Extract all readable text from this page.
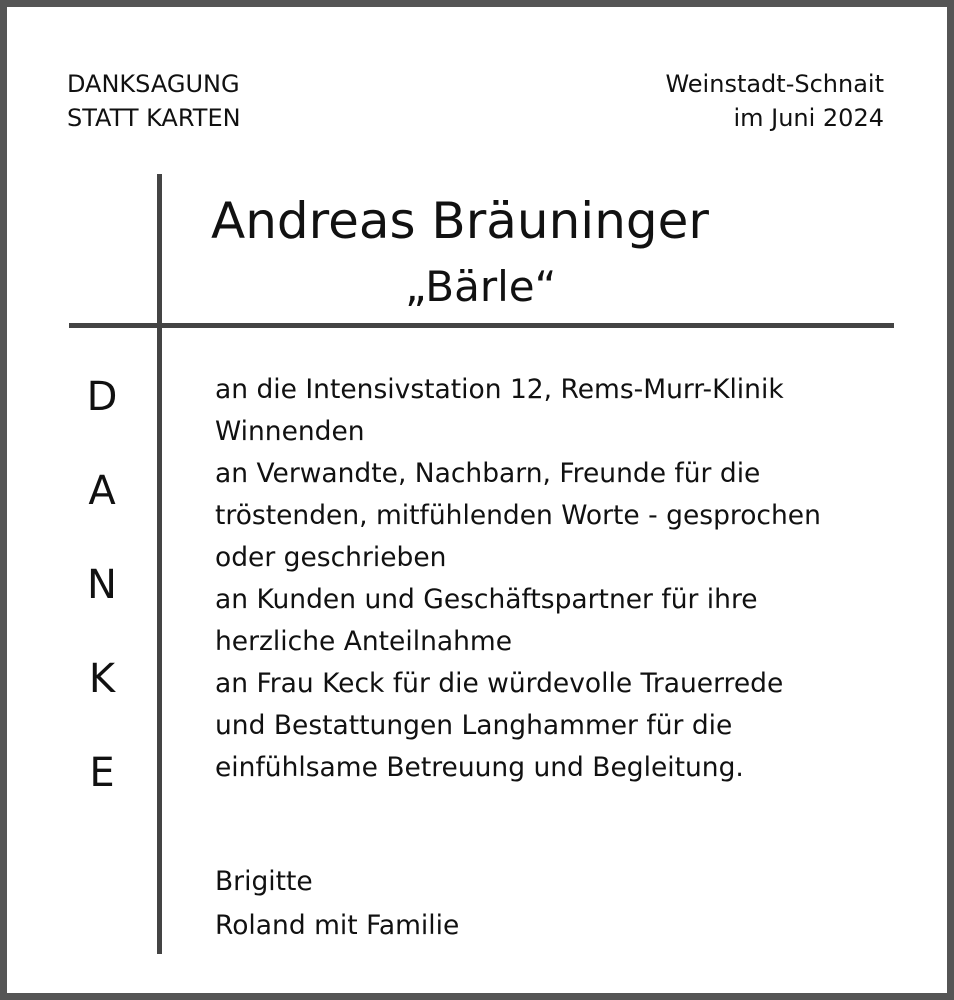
DANKSAGUNG
STATT KARTEN
Weinstadt-Schnait
im Juni 2024
Andreas Bräuninger
„Bärle“
D
A
N
K
E
an die Intensivstation 12, Rems-Murr-Klinik
Winnenden
an Verwandte, Nachbarn, Freunde für die
tröstenden, mitfühlenden Worte - gesprochen
oder geschrieben
an Kunden und Geschäftspartner für ihre
herzliche Anteilnahme
an Frau Keck für die würdevolle Trauerrede
und Bestattungen Langhammer für die
einfühlsame Betreuung und Begleitung.
Brigitte
Roland mit Familie
